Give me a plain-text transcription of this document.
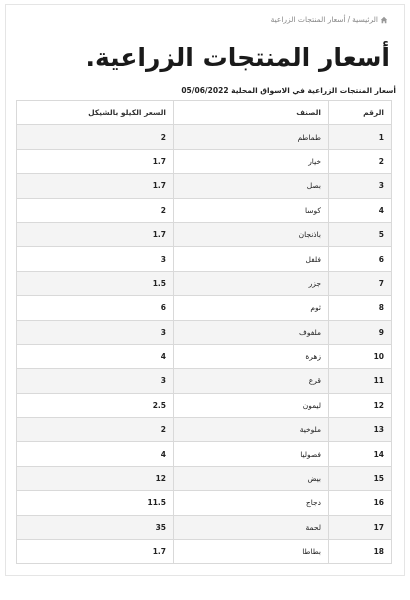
الرئيسية
/
أسعار المنتجات الزراعية
أسعار المنتجات الزراعية.
أسعار المنتجات الزراعية في الاسواق المحلية 05/06/2022
الرقم	الصنف	السعر الكيلو بالشيكل
1	طماطم	2
2	خيار	1.7
3	بصل	1.7
4	كوسا	2
5	باذنجان	1.7
6	فلفل	3
7	جزر	1.5
8	ثوم	6
9	ملفوف	3
10	زهرة	4
11	قرع	3
12	ليمون	2.5
13	ملوخية	2
14	فصوليا	4
15	بيض	12
16	دجاج	11.5
17	لحمة	35
18	بطاطا	1.7
